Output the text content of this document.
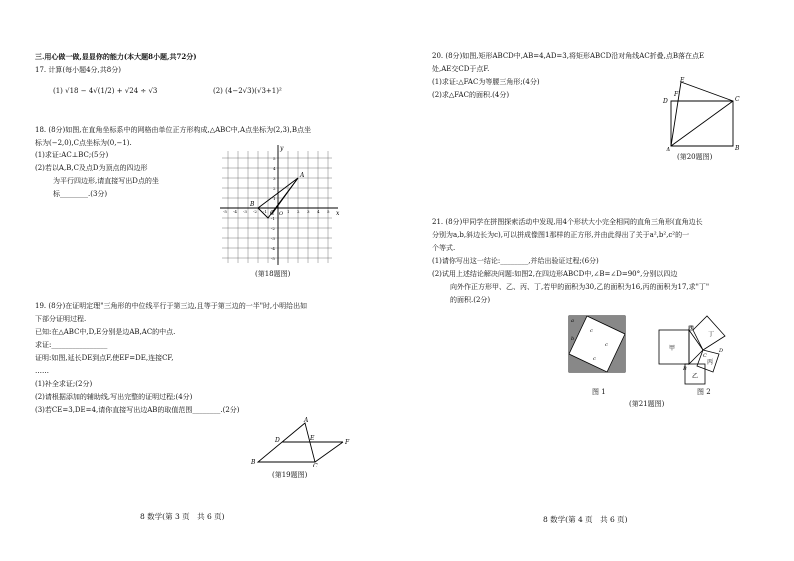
三.用心做一做,显显你的能力(本大题8小题,共72分)
17. 计算(每小题4分,共8分)
(1) √18 − 4√(1/2) + √24 ÷ √3	(2) (4−2√3)(√3+1)²
18. (8分)如图,在直角坐标系中的网格由单位正方形构成,△ABC中,A点坐标为(2,3),B点坐
标为(−2,0),C点坐标为(0,−1).
(1)求证:AC⊥BC;(5分)
(2)若以A,B,C及点D为顶点的四边形
为平行四边形,请直接写出D点的坐
标________.(3分)
y
x
A
B
C O
-5 -4 -3 -2 -1	1 2 3 4 5
5
4
3
2
1
-1
-2
-3
-4
-5
(第18题图)
19. (8分)在证明定理"三角形的中位线平行于第三边,且等于第三边的一半"时,小明给出如
下部分证明过程.
已知:在△ABC中,D,E分别是边AB,AC的中点.
求证:________________
证明:如图,延长DE到点F,使EF=DE,连接CF,
……
(1)补全求证;(2分)
(2)请根据添加的辅助线,写出完整的证明过程;(4分)
(3)若CE=3,DE=4,请你直接写出边AB的取值范围________.(2分)
A
B
C
D	E
F
(第19题图)
8 数学(第 3 页　共 6 页)
20. (8分)如图,矩形ABCD中,AB=4,AD=3,将矩形ABCD沿对角线AC折叠,点B落在点E
处,AE交CD于点F.
(1)求证:△FAC为等腰三角形;(4分)
(2)求△FAC的面积.(4分)
A	B
C
D
E
F
(第20题图)
21. (8分)甲同学在拼图探索活动中发现,用4个形状大小完全相同的直角三角形(直角边长
分别为a,b,斜边长为c),可以拼成像图1那样的正方形,并由此得出了关于a²,b²,c²的一
个等式.
(1)请你写出这一结论:________,并给出验证过程;(6分)
(2)试用上述结论解决问题:如图2,在四边形ABCD中,∠B=∠D=90°,分别以四边
向外作正方形甲、乙、丙、丁,若甲的面积为30,乙的面积为16,丙的面积为17,求"丁"
的面积.(2分)
a
b
c
c
c
图 1
甲
乙
丙
丁
A
B
C
D
图 2
(第21题图)
8 数学(第 4 页　共 6 页)
